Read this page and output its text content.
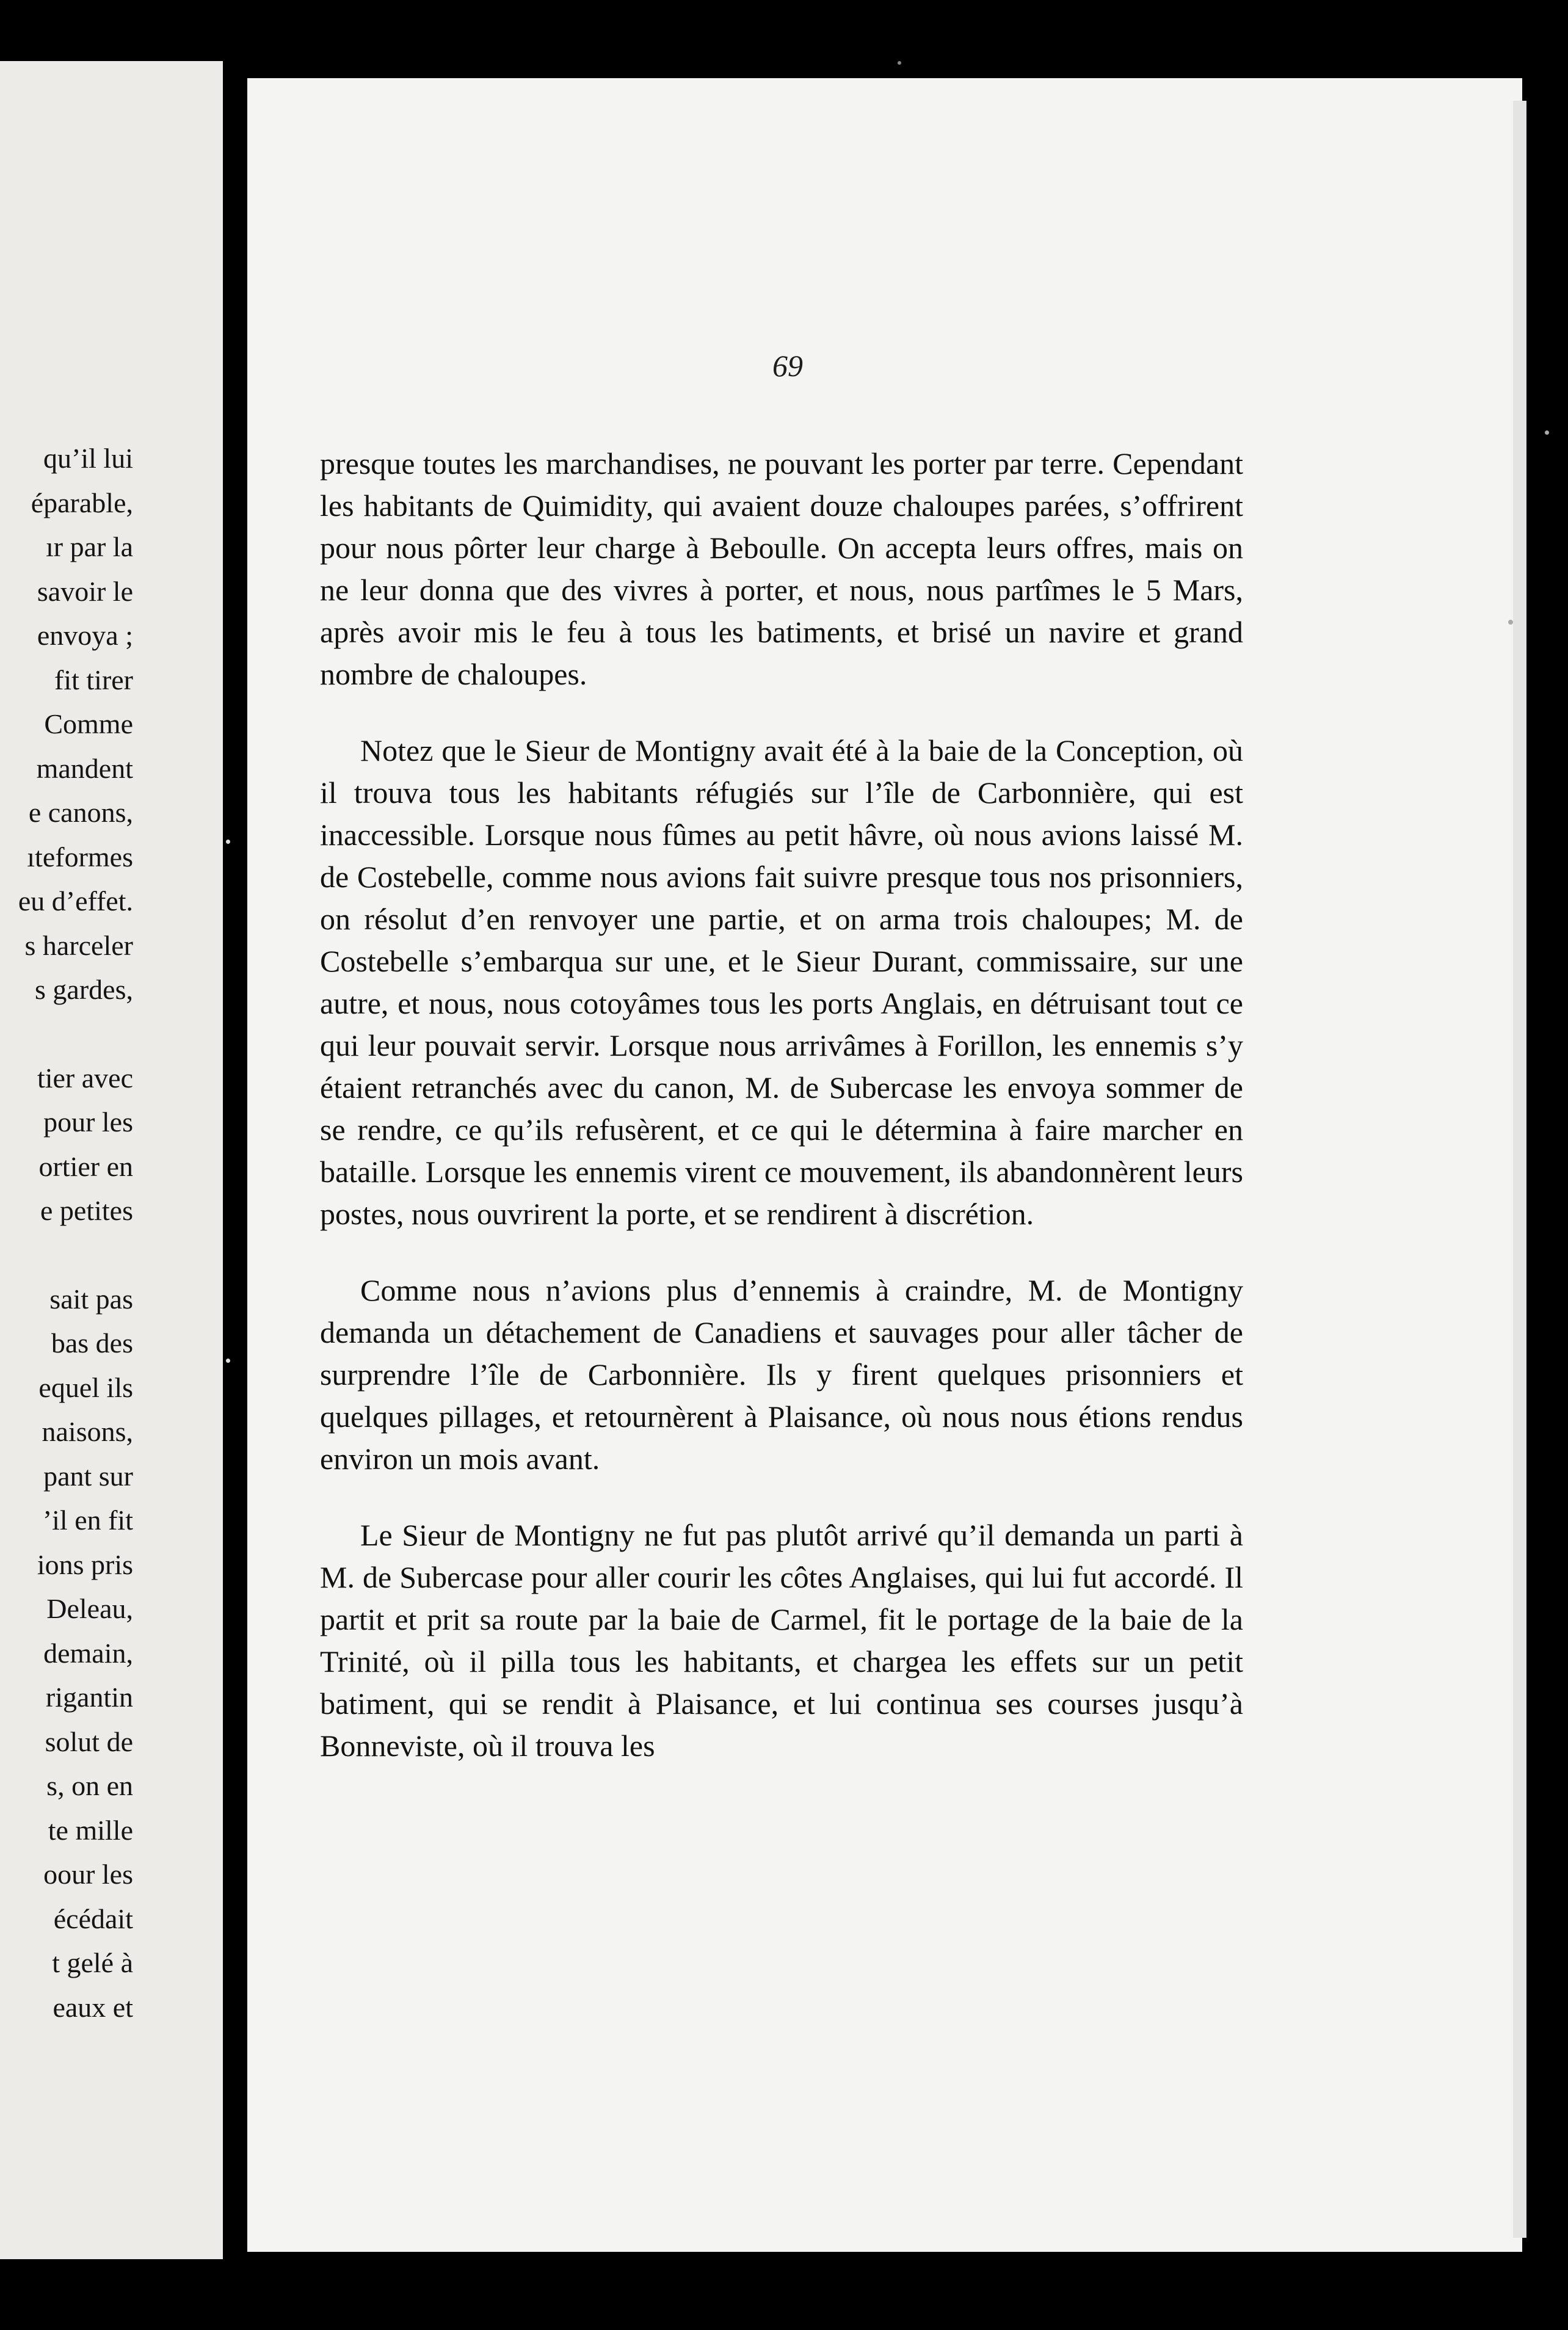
qu’il lui
éparable,
ır par la
savoir le
envoya ;
fit tirer
Comme
mandent
e canons,
ıteformes
eu d’effet.
s harceler
s gardes,
tier avec
pour les
ortier en
e petites
sait pas
bas des
equel ils
naisons,
pant sur
’il en fit
ions pris
Deleau,
demain,
rigantin
solut de
s, on en
te mille
oour les
écédait
t gelé à
eaux et
69

presque toutes les marchandises, ne pouvant les porter par terre. Cependant les habitants de Quimidity, qui avaient douze chaloupes parées, s’offrirent pour nous pôrter leur charge à Beboulle. On accepta leurs offres, mais on ne leur donna que des vivres à porter, et nous, nous partîmes le 5 Mars, après avoir mis le feu à tous les batiments, et brisé un navire et grand nombre de chaloupes.

Notez que le Sieur de Montigny avait été à la baie de la Conception, où il trouva tous les habitants réfugiés sur l’île de Carbonnière, qui est inaccessible. Lorsque nous fûmes au petit hâvre, où nous avions laissé M. de Costebelle, comme nous avions fait suivre presque tous nos prisonniers, on résolut d’en renvoyer une partie, et on arma trois chaloupes; M. de Costebelle s’embarqua sur une, et le Sieur Durant, commissaire, sur une autre, et nous, nous cotoyâmes tous les ports Anglais, en détruisant tout ce qui leur pouvait servir. Lorsque nous arrivâmes à Forillon, les ennemis s’y étaient retranchés avec du canon, M. de Subercase les envoya sommer de se rendre, ce qu’ils refusèrent, et ce qui le détermina à faire marcher en bataille. Lorsque les ennemis virent ce mouvement, ils abandonnèrent leurs postes, nous ouvrirent la porte, et se rendirent à discrétion.

Comme nous n’avions plus d’ennemis à craindre, M. de Montigny demanda un détachement de Canadiens et sauvages pour aller tâcher de surprendre l’île de Carbonnière. Ils y firent quelques prisonniers et quelques pillages, et retournèrent à Plaisance, où nous nous étions rendus environ un mois avant.

Le Sieur de Montigny ne fut pas plutôt arrivé qu’il demanda un parti à M. de Subercase pour aller courir les côtes Anglaises, qui lui fut accordé. Il partit et prit sa route par la baie de Carmel, fit le portage de la baie de la Trinité, où il pilla tous les habitants, et chargea les effets sur un petit batiment, qui se rendit à Plaisance, et lui continua ses courses jusqu’à Bonneviste, où il trouva les
